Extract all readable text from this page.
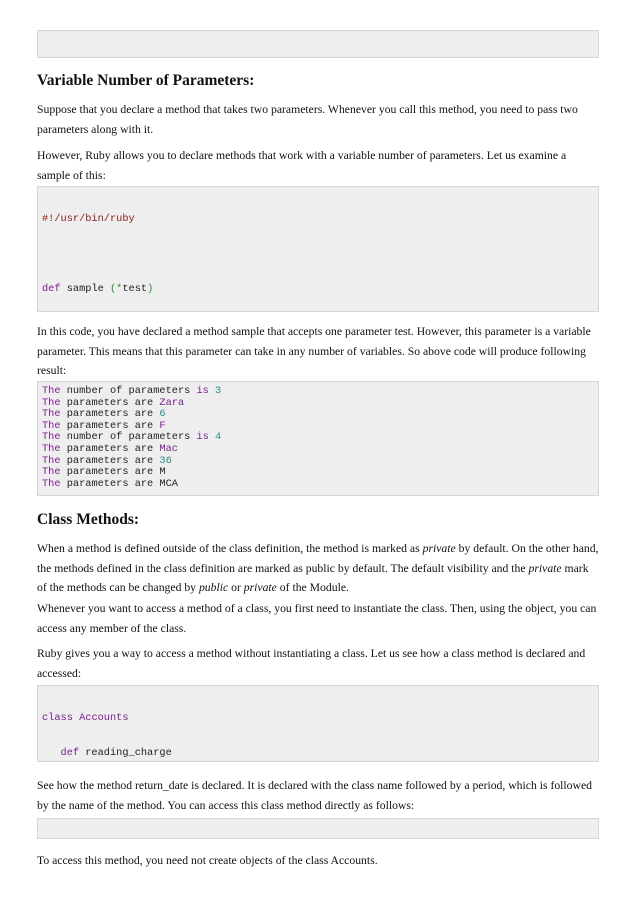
Variable Number of Parameters:

Suppose that you declare a method that takes two parameters. Whenever you call this method, you need to pass two
parameters along with it.

However, Ruby allows you to declare methods that work with a variable number of parameters. Let us examine a
sample of this:

#!/usr/bin/ruby

def sample (*test)

In this code, you have declared a method sample that accepts one parameter test. However, this parameter is a variable
parameter. This means that this parameter can take in any number of variables. So above code will produce following
result:

The number of parameters is 3
The parameters are Zara
The parameters are 6
The parameters are F
The number of parameters is 4
The parameters are Mac
The parameters are 36
The parameters are M
The parameters are MCA
Class Methods:

When a method is defined outside of the class definition, the method is marked as private by default. On the other hand,
the methods defined in the class definition are marked as public by default. The default visibility and the private mark
of the methods can be changed by public or private of the Module.

Whenever you want to access a method of a class, you first need to instantiate the class. Then, using the object, you can
access any member of the class.

Ruby gives you a way to access a method without instantiating a class. Let us see how a class method is declared and
accessed:

class Accounts

def reading_charge

See how the method return_date is declared. It is declared with the class name followed by a period, which is followed
by the name of the method. You can access this class method directly as follows:

To access this method, you need not create objects of the class Accounts.
